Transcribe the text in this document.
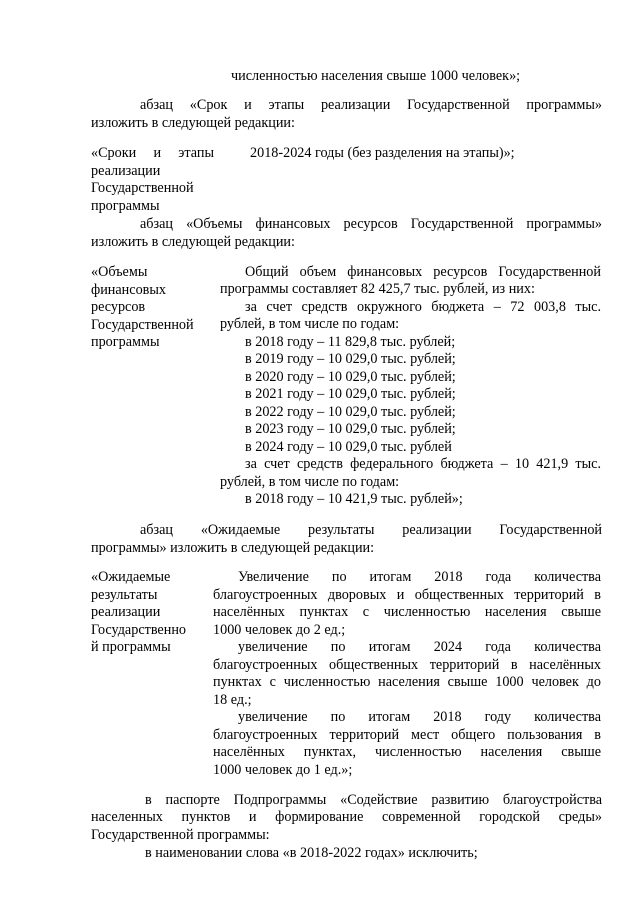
численностью населения свыше 1000 человек»;
абзац «Срок и этапы реализации Государственной программы»
изложить в следующей редакции:
«Сроки и этапы
реализации
Государственной
программы
2018-2024 годы (без разделения на этапы)»;
абзац «Объемы финансовых ресурсов Государственной программы»
изложить в следующей редакции:
«Объемы
финансовых
ресурсов
Государственной
программы
Общий объем финансовых ресурсов Государственной
программы составляет 82 425,7 тыс. рублей, из них:
за счет средств окружного бюджета – 72 003,8 тыс.
рублей, в том числе по годам:
в 2018 году – 11 829,8 тыс. рублей;
в 2019 году – 10 029,0 тыс. рублей;
в 2020 году – 10 029,0 тыс. рублей;
в 2021 году – 10 029,0 тыс. рублей;
в 2022 году – 10 029,0 тыс. рублей;
в 2023 году – 10 029,0 тыс. рублей;
в 2024 году – 10 029,0 тыс. рублей
за счет средств федерального бюджета – 10 421,9 тыс.
рублей, в том числе по годам:
в 2018 году – 10 421,9 тыс. рублей»;
абзац «Ожидаемые результаты реализации Государственной
программы» изложить в следующей редакции:
«Ожидаемые
результаты
реализации
Государственно
й программы
Увеличение по итогам 2018 года количества
благоустроенных дворовых и общественных территорий в
населённых пунктах с численностью населения свыше
1000 человек до 2 ед.;
увеличение по итогам 2024 года количества
благоустроенных общественных территорий в населённых
пунктах с численностью населения свыше 1000 человек до
18 ед.;
увеличение по итогам 2018 году количества
благоустроенных территорий мест общего пользования в
населённых пунктах, численностью населения свыше
1000 человек до 1 ед.»;
в паспорте Подпрограммы «Содействие развитию благоустройства
населенных пунктов и формирование современной городской среды»
Государственной программы:
в наименовании слова «в 2018-2022 годах» исключить;
